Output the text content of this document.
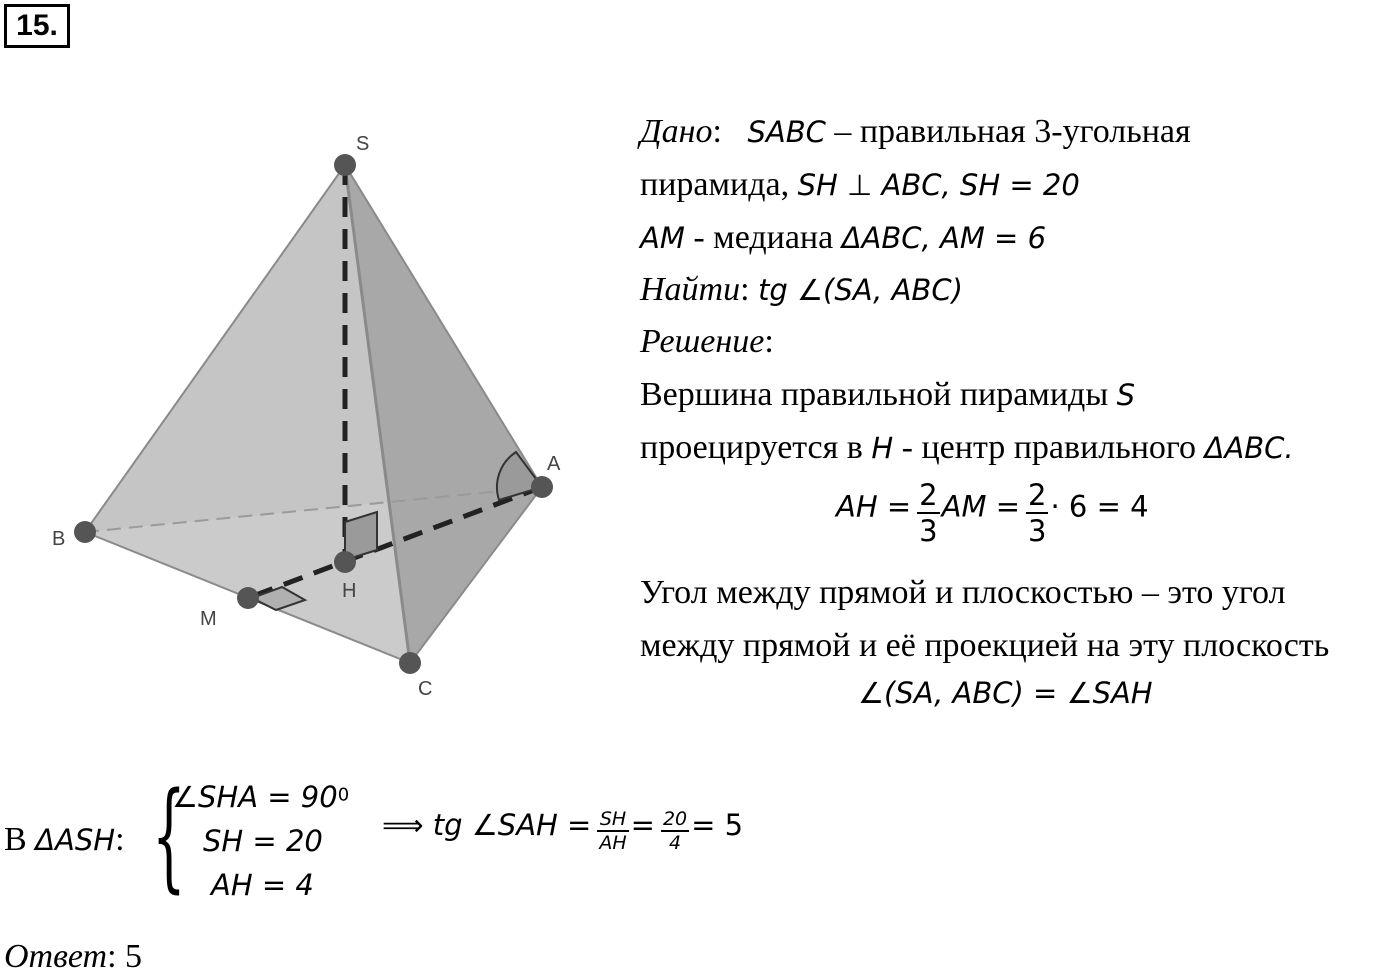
15.
S
A
B
C
H
M
Дано: SABC – правильная 3-угольная
пирамида, SH ⊥ ABC, SH = 20
AM - медиана ΔABC, AM = 6
Найти: tg ∠(SA, ABC)
Решение:
Вершина правильной пирамиды S
проецируется в H - центр правильного ΔABC.
AH = $\frac{2}{3}$ AM = $\frac{2}{3} \cdot 6 = 4$
Угол между прямой и плоскостью – это угол
между прямой и её проекцией на эту плоскость
∠(SA, ABC) = ∠SAH
В ΔASH: {
∠SHA = $90^0$
SH = 20
AH = 4
⟹ tg ∠SAH = $\frac{SH}{AH} = \frac{20}{4} = 5$
Ответ: 5
